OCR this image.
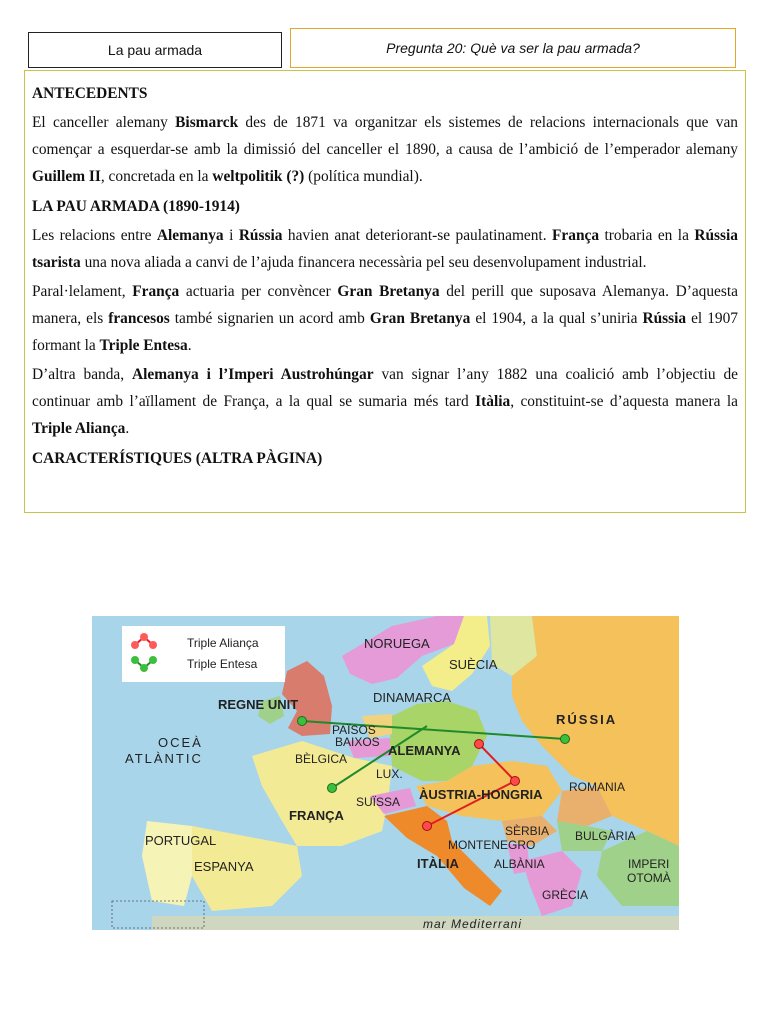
La pau armada	Pregunta 20: Què va ser la pau armada?
ANTECEDENTS

El canceller alemany Bismarck des de 1871 va organitzar els sistemes de relacions internacionals que van començar a esquerdar-se amb la dimissió del canceller el 1890, a causa de l’ambició de l’emperador alemany Guillem II, concretada en la weltpolitik (?) (política mundial).

LA PAU ARMADA (1890-1914)

Les relacions entre Alemanya i Rússia havien anat deteriorant-se paulatinament. França trobaria en la Rússia tsarista una nova aliada a canvi de l’ajuda financera necessària pel seu desenvolupament industrial.

Paral·lelament, França actuaria per convèncer Gran Bretanya del perill que suposava Alemanya. D’aquesta manera, els francesos també signarien un acord amb Gran Bretanya el 1904, a la qual s’uniria Rússia el 1907 formant la Triple Entesa.

D’altra banda, Alemanya i l’Imperi Austrohúngar van signar l’any 1882 una coalició amb l’objectiu de continuar amb l’aïllament de França, a la qual se sumaria més tard Itàlia, constituint-se d’aquesta manera la Triple Aliança.

CARACTERÍSTIQUES (ALTRA PÀGINA)
Triple Aliança
Triple Entesa
NORUEGA
SUÈCIA
DINAMARCA
REGNE UNIT
RÚSSIA
PAÏSOS
BAIXOS
ALEMANYA
OCEÀ
ATLÀNTIC	BÈLGICA
LUX.
ROMANIA
ÀUSTRIA-HONGRIA
FRANÇA
SUÏSSA
SÈRBIA BULGÀRIA
MONTENEGRO
PORTUGAL
ITÀLIA	ALBÀNIA	IMPERI
OTOMÀ
ESPANYA
GRÈCIA
mar Mediterrani
